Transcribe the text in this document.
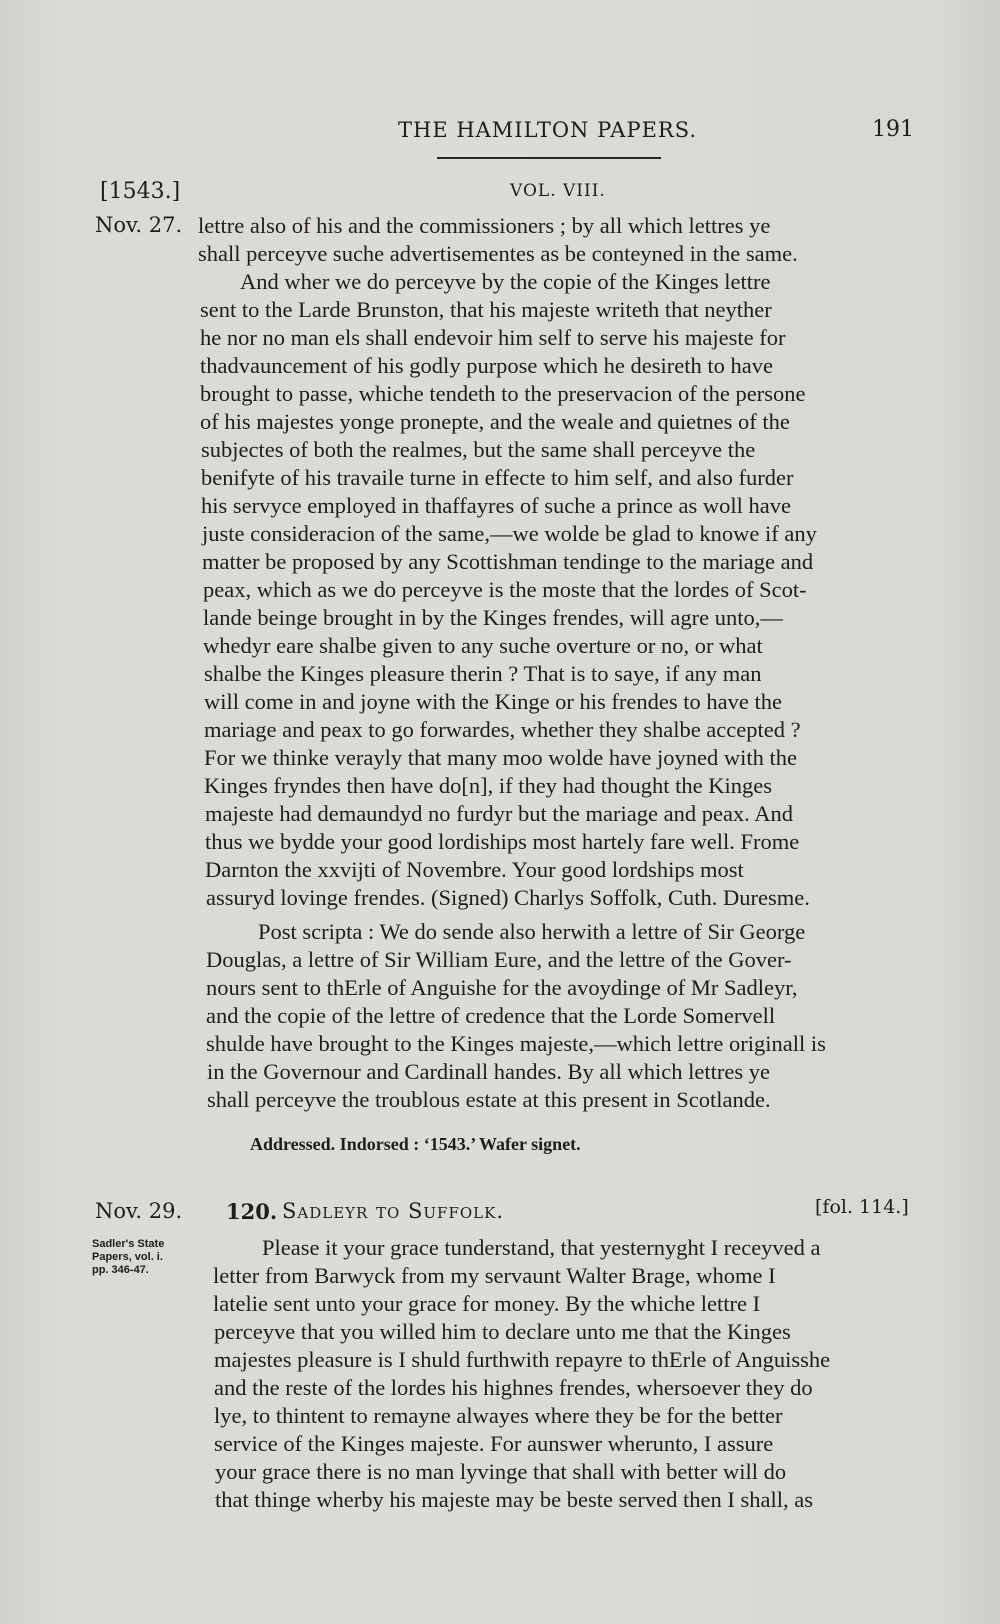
THE HAMILTON PAPERS.	191
[1543.]	VOL. VIII.
Nov. 27. lettre also of his and the commissioners ; by all which lettres ye
shall perceyve suche advertisementes as be conteyned in the same.
And wher we do perceyve by the copie of the Kinges lettre
sent to the Larde Brunston, that his majeste writeth that neyther
he nor no man els shall endevoir him self to serve his majeste for
thadvauncement of his godly purpose which he desireth to have
brought to passe, whiche tendeth to the preservacion of the persone
of his majestes yonge pronepte, and the weale and quietnes of the
subjectes of both the realmes, but the same shall perceyve the
benifyte of his travaile turne in effecte to him self, and also furder
his servyce employed in thaffayres of suche a prince as woll have
juste consideracion of the same,—we wolde be glad to knowe if any
matter be proposed by any Scottishman tendinge to the mariage and
peax, which as we do perceyve is the moste that the lordes of Scot-
lande beinge brought in by the Kinges frendes, will agre unto,—
whedyr eare shalbe given to any suche overture or no, or what
shalbe the Kinges pleasure therin ? That is to saye, if any man
will come in and joyne with the Kinge or his frendes to have the
mariage and peax to go forwardes, whether they shalbe accepted ?
For we thinke verayly that many moo wolde have joyned with the
Kinges fryndes then have do[n], if they had thought the Kinges
majeste had demaundyd no furdyr but the mariage and peax. And
thus we bydde your good lordiships most hartely fare well. Frome
Darnton the xxvijti of Novembre. Your good lordships most
assuryd lovinge frendes. (Signed) Charlys Soffolk, Cuth. Duresme.
Post scripta : We do sende also herwith a lettre of Sir George
Douglas, a lettre of Sir William Eure, and the lettre of the Gover-
nours sent to thErle of Anguishe for the avoydinge of Mr Sadleyr,
and the copie of the lettre of credence that the Lorde Somervell
shulde have brought to the Kinges majeste,—which lettre originall is
in the Governour and Cardinall handes. By all which lettres ye
shall perceyve the troublous estate at this present in Scotlande.
Addressed. Indorsed : ‘1543.’ Wafer signet.
Nov. 29. 120. Sadleyr to Suffolk.	[fol. 114.]
Sadler's State
Papers, vol. i.
pp. 346-47.
Please it your grace tunderstand, that yesternyght I receyved a
letter from Barwyck from my servaunt Walter Brage, whome I
latelie sent unto your grace for money. By the whiche lettre I
perceyve that you willed him to declare unto me that the Kinges
majestes pleasure is I shuld furthwith repayre to thErle of Anguisshe
and the reste of the lordes his highnes frendes, whersoever they do
lye, to thintent to remayne alwayes where they be for the better
service of the Kinges majeste. For aunswer wherunto, I assure
your grace there is no man lyvinge that shall with better will do
that thinge wherby his majeste may be beste served then I shall, as
